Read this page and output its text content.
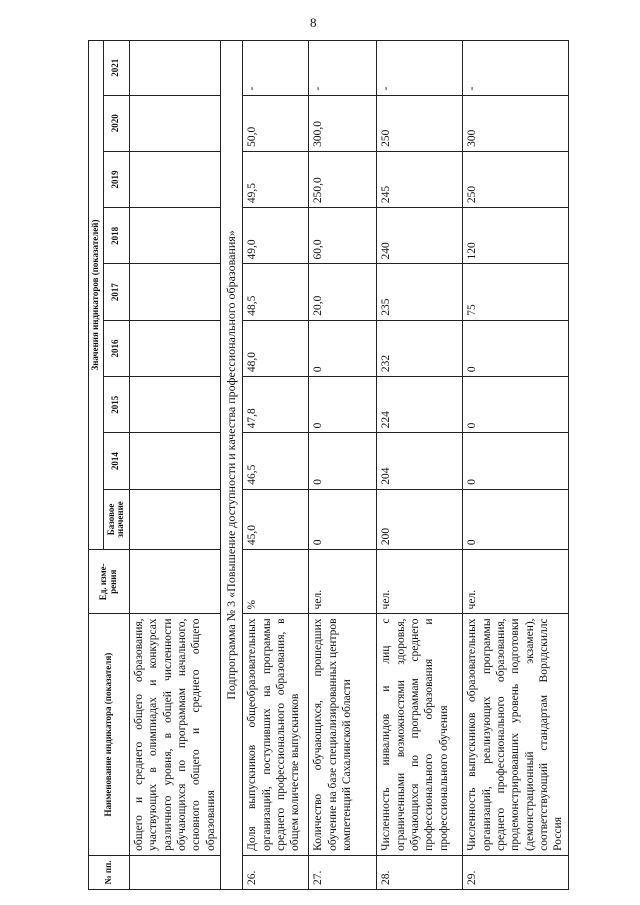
8
№ пп.	Наименование индикатора (показателя)	Ед. изме- рения	Значения индикаторов (показателей)								
			Базовое значение	2014	2015	2016	2017	2018	2019	2020	2021
	общего и среднего общего образования, участвующих в олимпиадах и конкурсах различного уровня, в общей численности обучающихся по программам начального, основного общего и среднего общего образования										
Подпрограмма № 3 «Повышение доступности и качества профессионального образования»											
26.	Доля выпускников общеобразовательных организаций, поступивших на программы среднего профессионального образования, в общем количестве выпускников	%	45,0	46,5	47,8	48,0	48,5	49,0	49,5	50,0	-
27.	Количество обучающихся, прошедших обучение на базе специализированных центров компетенций Сахалинской области	чел.	0	0	0	0	20,0	60,0	250,0	300,0	-
28.	Численность инвалидов и лиц с ограниченными возможностями здоровья, обучающихся по программам среднего профессионального образования и профессионального обучения	чел.	200	204	224	232	235	240	245	250	-
29.	Численность выпускников образовательных организаций, реализующих программы среднего профессионального образования, продемонстрировавших уровень подготовки (демонстрационный экзамен), соответствующий стандартам Ворлдскиллс Россия	чел.	0	0	0	0	75	120	250	300	-
